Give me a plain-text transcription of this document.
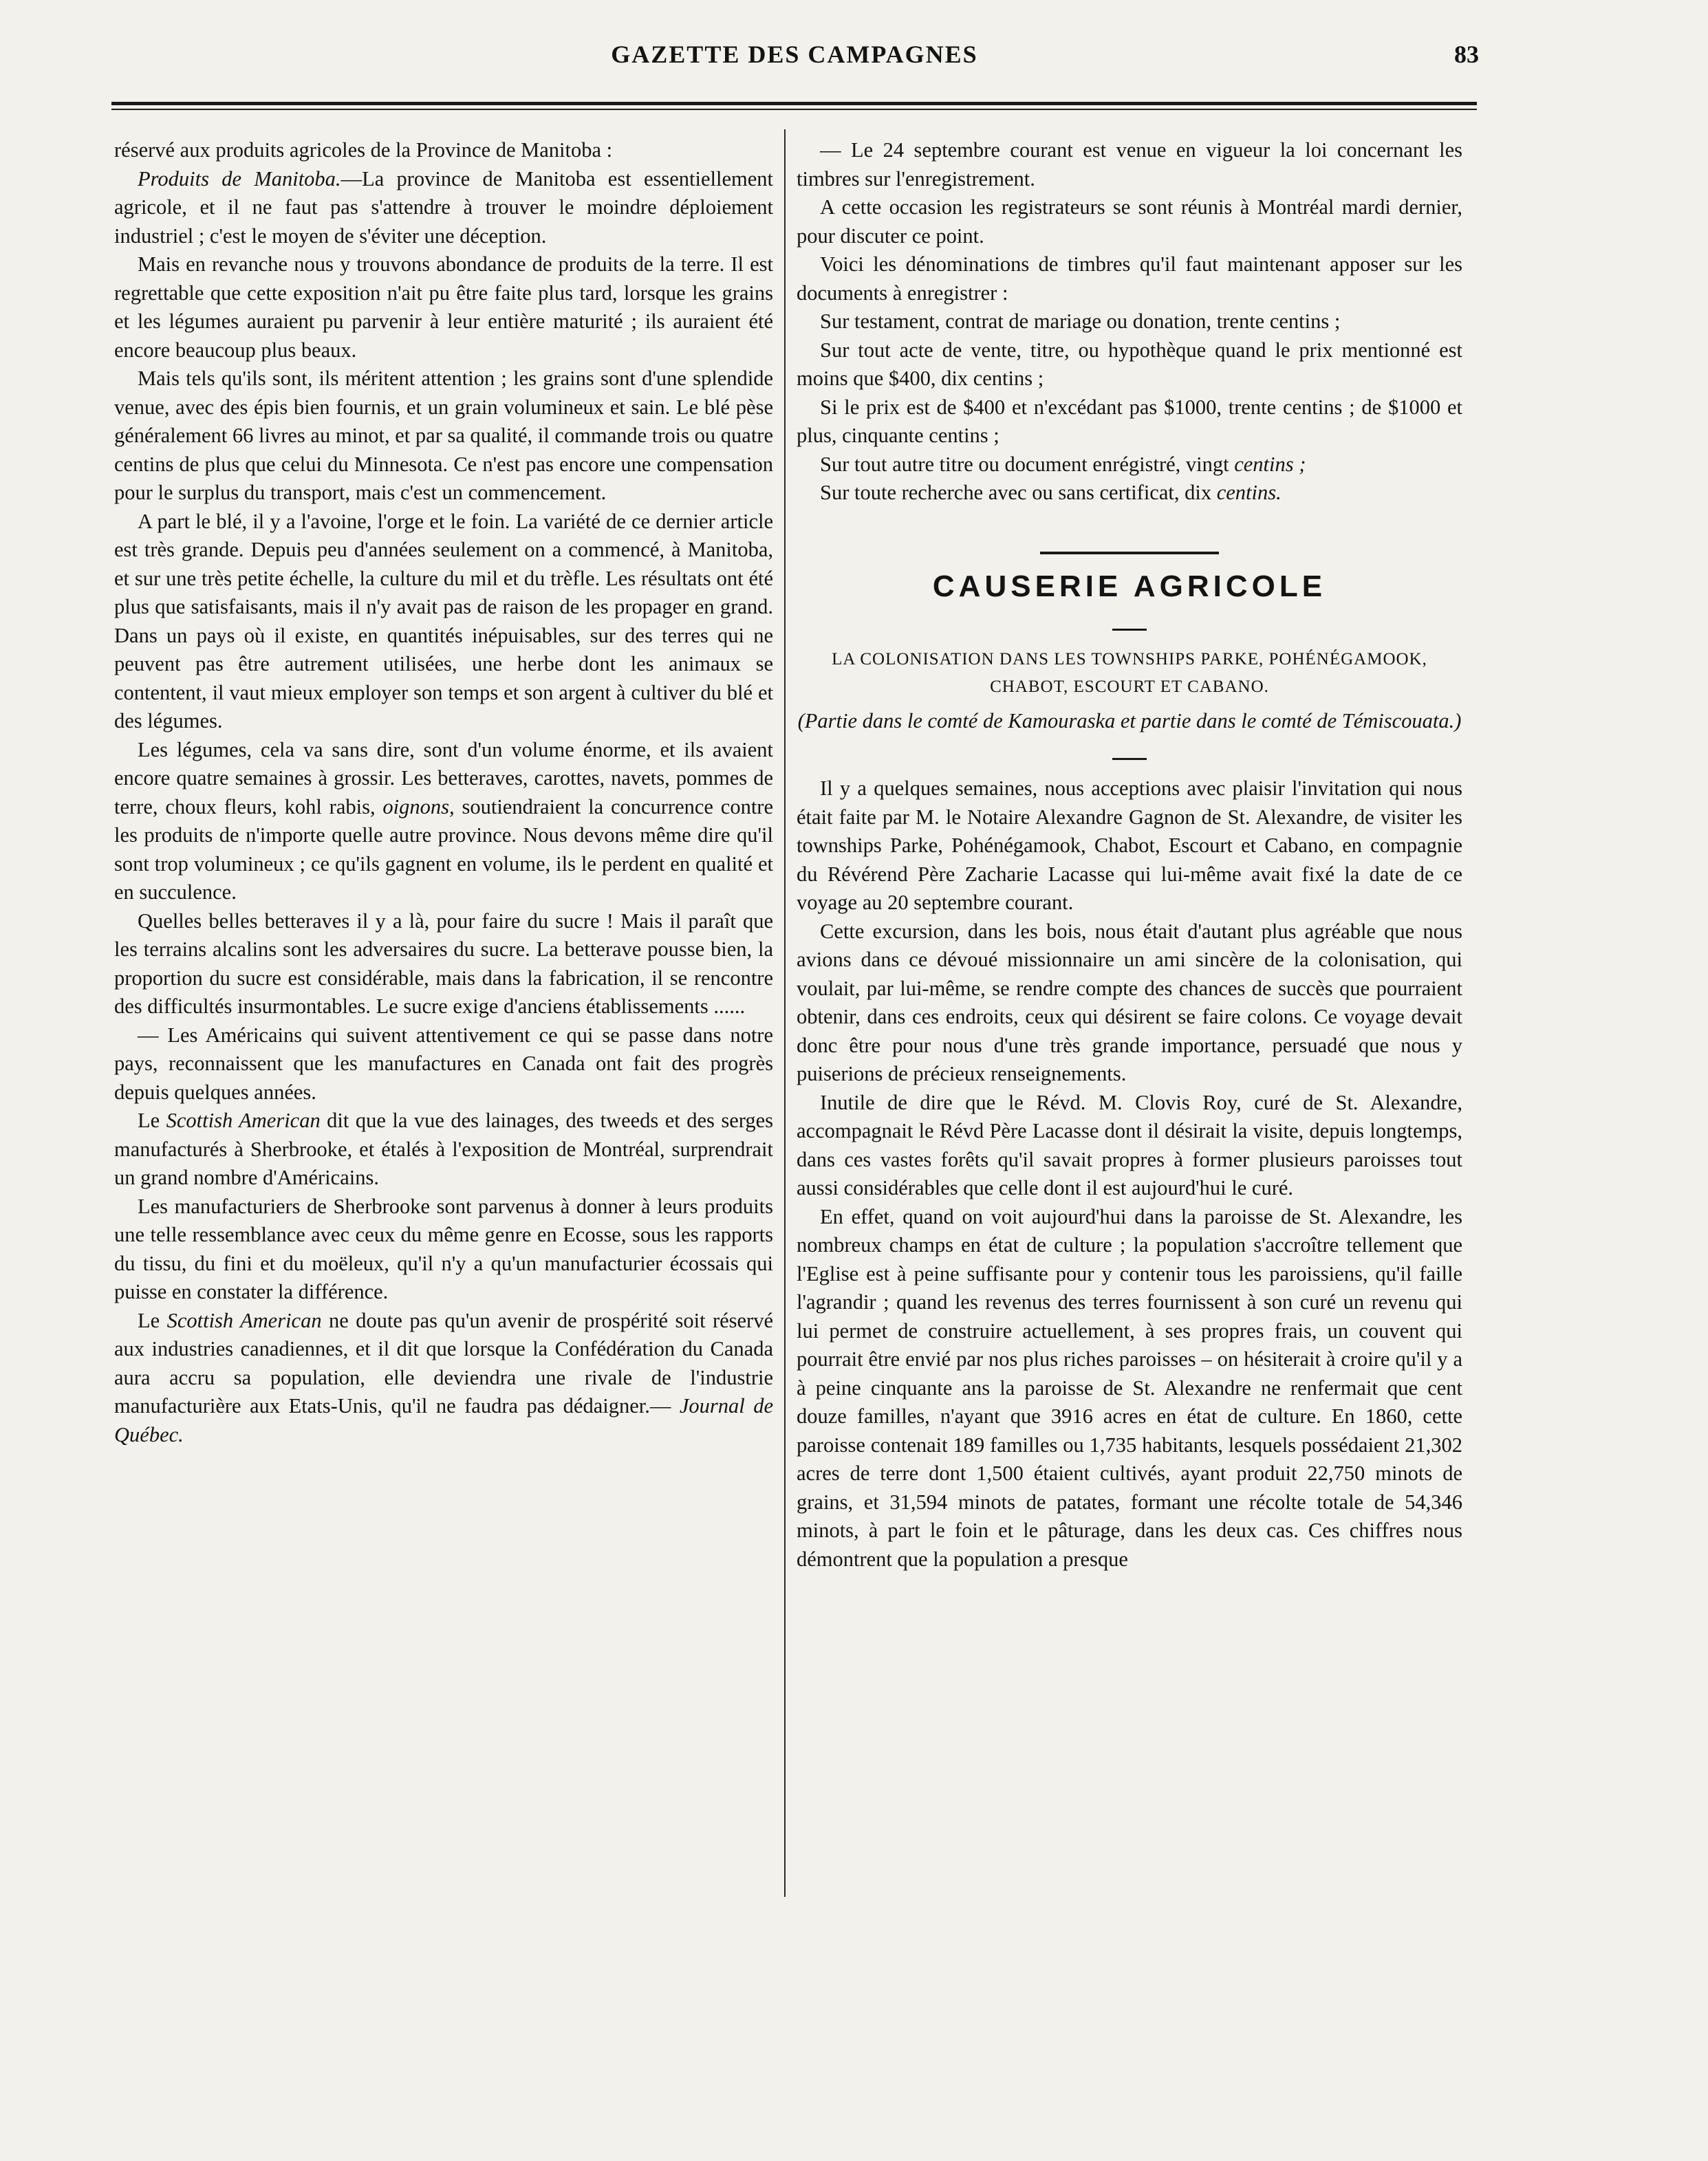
GAZETTE DES CAMPAGNES	83

réservé aux produits agricoles de la Province de Manitoba :

Produits de Manitoba.—La province de Manitoba est essentiellement agricole, et il ne faut pas s'attendre à trouver le moindre déploiement industriel ; c'est le moyen de s'éviter une déception.

Mais en revanche nous y trouvons abondance de produits de la terre. Il est regrettable que cette exposition n'ait pu être faite plus tard, lorsque les grains et les légumes auraient pu parvenir à leur entière maturité ; ils auraient été encore beaucoup plus beaux.

Mais tels qu'ils sont, ils méritent attention ; les grains sont d'une splendide venue, avec des épis bien fournis, et un grain volumineux et sain. Le blé pèse généralement 66 livres au minot, et par sa qualité, il commande trois ou quatre centins de plus que celui du Minnesota. Ce n'est pas encore une compensation pour le surplus du transport, mais c'est un commencement.

A part le blé, il y a l'avoine, l'orge et le foin. La variété de ce dernier article est très grande. Depuis peu d'années seulement on a commencé, à Manitoba, et sur une très petite échelle, la culture du mil et du trèfle. Les résultats ont été plus que satisfaisants, mais il n'y avait pas de raison de les propager en grand. Dans un pays où il existe, en quantités inépuisables, sur des terres qui ne peuvent pas être autrement utilisées, une herbe dont les animaux se contentent, il vaut mieux employer son temps et son argent à cultiver du blé et des légumes.

Les légumes, cela va sans dire, sont d'un volume énorme, et ils avaient encore quatre semaines à grossir. Les betteraves, carottes, navets, pommes de terre, choux fleurs, kohl rabis, oignons, soutiendraient la concurrence contre les produits de n'importe quelle autre province. Nous devons même dire qu'il sont trop volumineux ; ce qu'ils gagnent en volume, ils le perdent en qualité et en succulence.

Quelles belles betteraves il y a là, pour faire du sucre ! Mais il paraît que les terrains alcalins sont les adversaires du sucre. La betterave pousse bien, la proportion du sucre est considérable, mais dans la fabrication, il se rencontre des difficultés insurmontables. Le sucre exige d'anciens établissements ......

— Les Américains qui suivent attentivement ce qui se passe dans notre pays, reconnaissent que les manufactures en Canada ont fait des progrès depuis quelques années.

Le Scottish American dit que la vue des lainages, des tweeds et des serges manufacturés à Sherbrooke, et étalés à l'exposition de Montréal, surprendrait un grand nombre d'Américains.

Les manufacturiers de Sherbrooke sont parvenus à donner à leurs produits une telle ressemblance avec ceux du même genre en Ecosse, sous les rapports du tissu, du fini et du moëleux, qu'il n'y a qu'un manufacturier écossais qui puisse en constater la différence.

Le Scottish American ne doute pas qu'un avenir de prospérité soit réservé aux industries canadiennes, et il dit que lorsque la Confédération du Canada aura accru sa population, elle deviendra une rivale de l'industrie manufacturière aux Etats-Unis, qu'il ne faudra pas dédaigner.— Journal de Québec.

— Le 24 septembre courant est venue en vigueur la loi concernant les timbres sur l'enregistrement.

A cette occasion les registrateurs se sont réunis à Montréal mardi dernier, pour discuter ce point.

Voici les dénominations de timbres qu'il faut maintenant apposer sur les documents à enregistrer :

Sur testament, contrat de mariage ou donation, trente centins ;

Sur tout acte de vente, titre, ou hypothèque quand le prix mentionné est moins que $400, dix centins ;

Si le prix est de $400 et n'excédant pas $1000, trente centins ; de $1000 et plus, cinquante centins ;

Sur tout autre titre ou document enrégistré, vingt centins ;

Sur toute recherche avec ou sans certificat, dix centins.

CAUSERIE AGRICOLE
LA COLONISATION DANS LES TOWNSHIPS PARKE, POHÉNÉGAMOOK, CHABOT, ESCOURT ET CABANO.
(Partie dans le comté de Kamouraska et partie dans le comté de Témiscouata.)

Il y a quelques semaines, nous acceptions avec plaisir l'invitation qui nous était faite par M. le Notaire Alexandre Gagnon de St. Alexandre, de visiter les townships Parke, Pohénégamook, Chabot, Escourt et Cabano, en compagnie du Révérend Père Zacharie Lacasse qui lui-même avait fixé la date de ce voyage au 20 septembre courant.

Cette excursion, dans les bois, nous était d'autant plus agréable que nous avions dans ce dévoué missionnaire un ami sincère de la colonisation, qui voulait, par lui-même, se rendre compte des chances de succès que pourraient obtenir, dans ces endroits, ceux qui désirent se faire colons. Ce voyage devait donc être pour nous d'une très grande importance, persuadé que nous y puiserions de précieux renseignements.

Inutile de dire que le Révd. M. Clovis Roy, curé de St. Alexandre, accompagnait le Révd Père Lacasse dont il désirait la visite, depuis longtemps, dans ces vastes forêts qu'il savait propres à former plusieurs paroisses tout aussi considérables que celle dont il est aujourd'hui le curé.

En effet, quand on voit aujourd'hui dans la paroisse de St. Alexandre, les nombreux champs en état de culture ; la population s'accroître tellement que l'Eglise est à peine suffisante pour y contenir tous les paroissiens, qu'il faille l'agrandir ; quand les revenus des terres fournissent à son curé un revenu qui lui permet de construire actuellement, à ses propres frais, un couvent qui pourrait être envié par nos plus riches paroisses – on hésiterait à croire qu'il y a à peine cinquante ans la paroisse de St. Alexandre ne renfermait que cent douze familles, n'ayant que 3916 acres en état de culture. En 1860, cette paroisse contenait 189 familles ou 1,735 habitants, lesquels possédaient 21,302 acres de terre dont 1,500 étaient cultivés, ayant produit 22,750 minots de grains, et 31,594 minots de patates, formant une récolte totale de 54,346 minots, à part le foin et le pâturage, dans les deux cas. Ces chiffres nous démontrent que la population a presque
